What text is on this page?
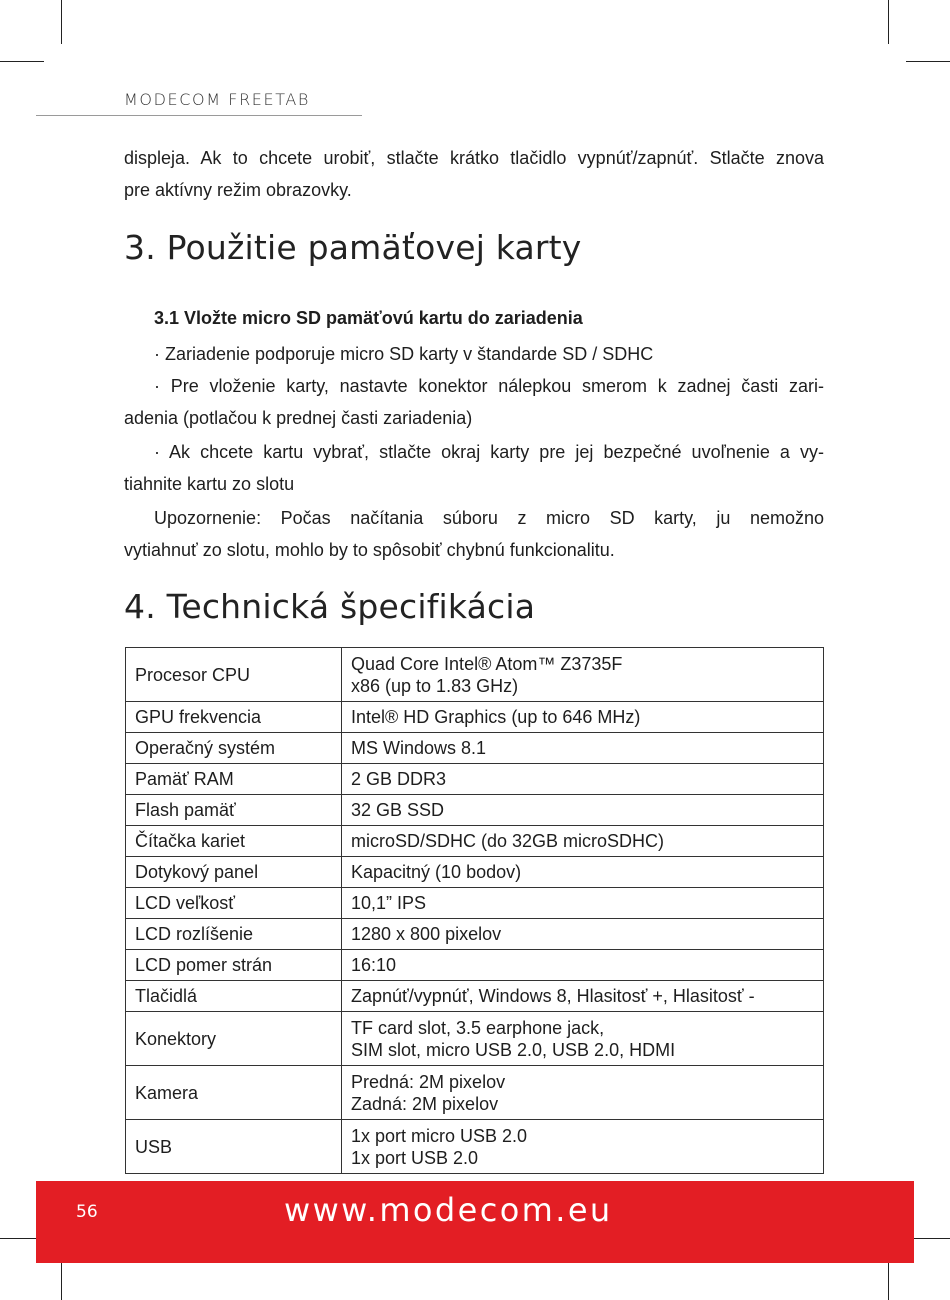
MODECOM FREETAB

displeja. Ak to chcete urobiť, stlačte krátko tlačidlo vypnúť/zapnúť. Stlačte znova

pre aktívny režim obrazovky.

3. Použitie pamäťovej karty
3.1 Vložte micro SD pamäťovú kartu do zariadenia

· Zariadenie podporuje micro SD karty v štandarde SD / SDHC

· Pre vloženie karty, nastavte konektor nálepkou smerom k zadnej časti zari-

adenia (potlačou k prednej časti zariadenia)

· Ak chcete kartu vybrať, stlačte okraj karty pre jej bezpečné uvoľnenie a vy-

tiahnite kartu zo slotu

Upozornenie: Počas načítania súboru z micro SD karty, ju nemožno

vytiahnuť zo slotu, mohlo by to spôsobiť chybnú funkcionalitu.

4. Technická špecifikácia
Procesor CPU	Quad Core Intel® Atom™ Z3735F
x86 (up to 1.83 GHz)

GPU frekvencia	Intel® HD Graphics (up to 646 MHz)
Operačný systém	MS Windows 8.1
Pamäť RAM	2 GB DDR3
Flash pamäť	32 GB SSD
Čítačka kariet	microSD/SDHC (do 32GB microSDHC)
Dotykový panel	Kapacitný (10 bodov)
LCD veľkosť	10,1” IPS
LCD rozlíšenie	1280 x 800 pixelov
LCD pomer strán	16:10
Tlačidlá	Zapnúť/vypnúť, Windows 8, Hlasitosť +, Hlasitosť -
Konektory	TF card slot, 3.5 earphone jack,
SIM slot, micro USB 2.0, USB 2.0, HDMI

Kamera	Predná: 2M pixelov
Zadná: 2M pixelov

USB	1x port micro USB 2.0
1x port USB 2.0
56	www.modecom.eu
